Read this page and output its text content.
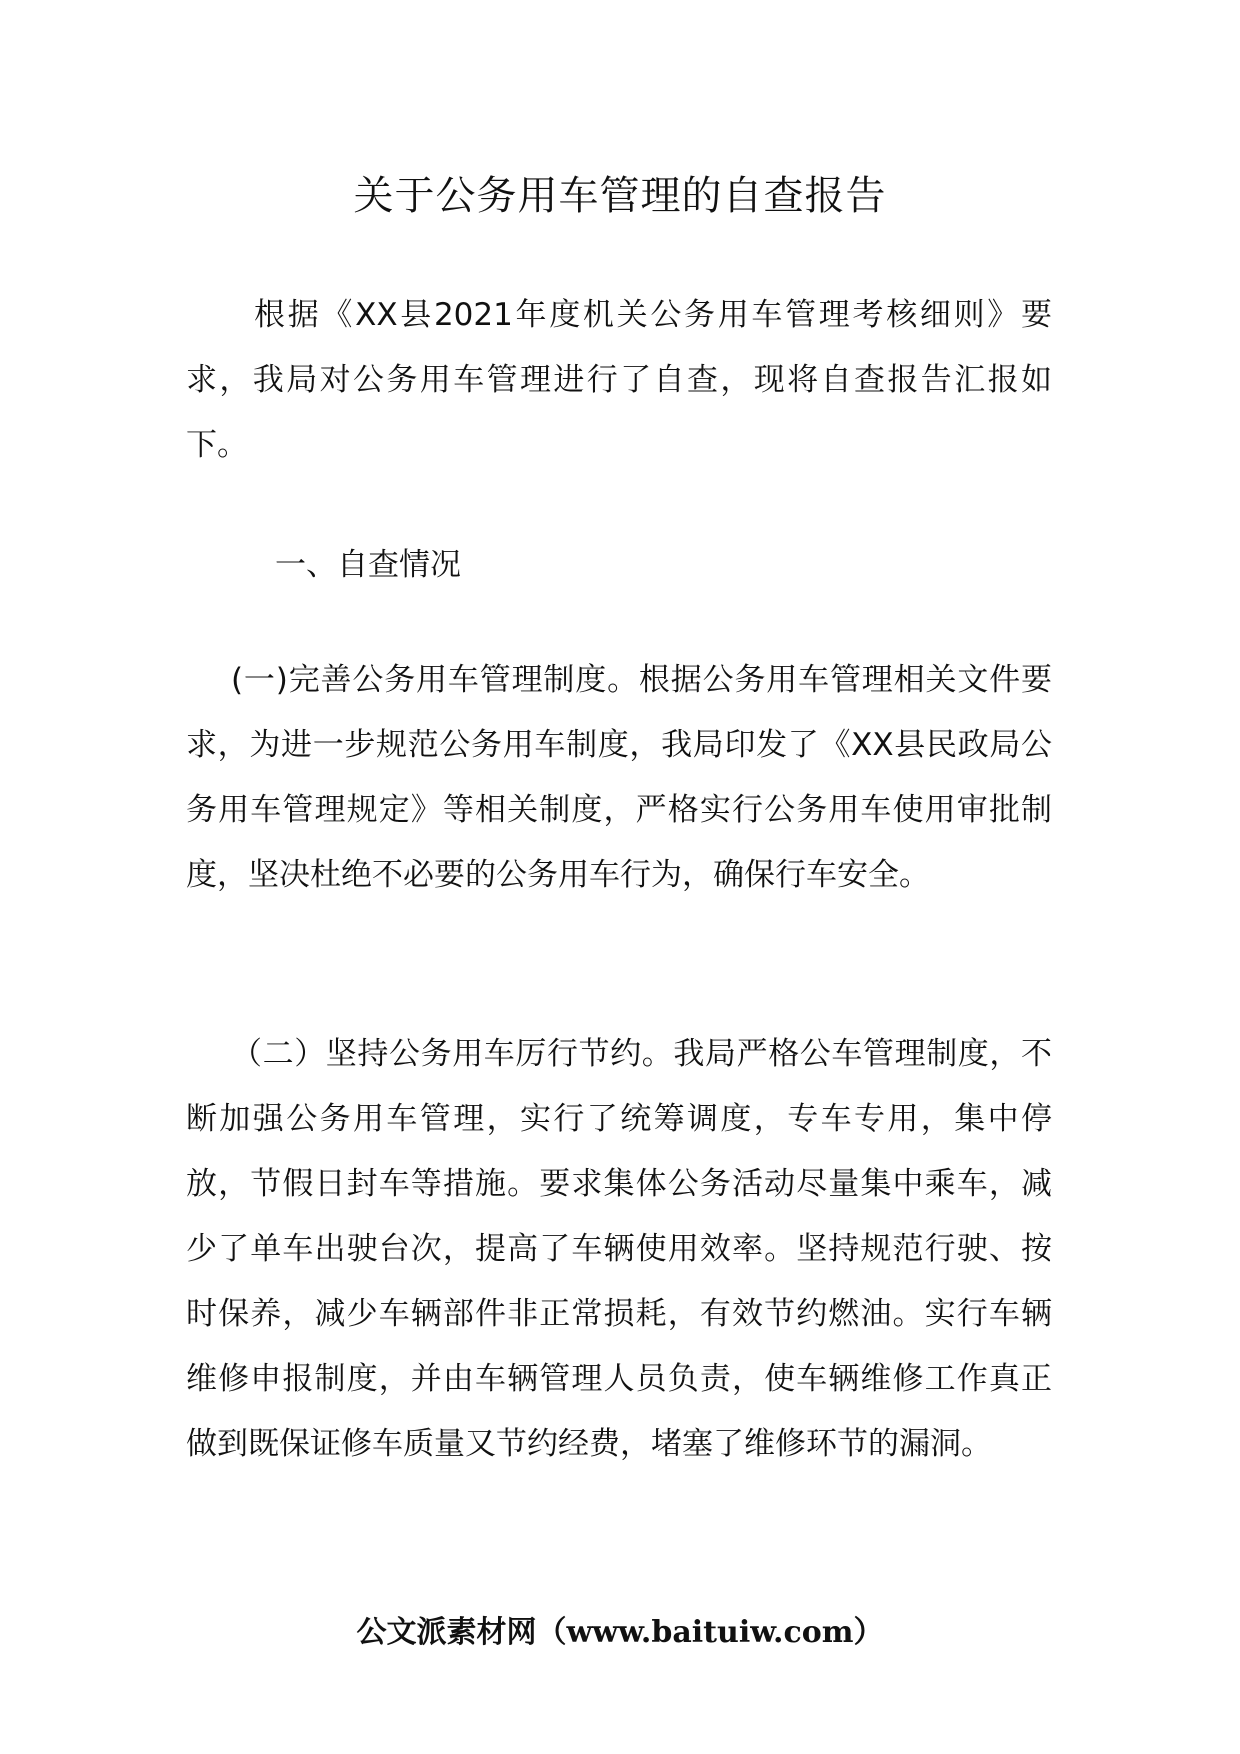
关于公务用车管理的自查报告

根据《XX县2021年度机关公务用车管理考核细则》要求，我局对公务用车管理进行了自查，现将自查报告汇报如下。

一、自查情况

(一)完善公务用车管理制度。根据公务用车管理相关文件要求，为进一步规范公务用车制度，我局印发了《XX县民政局公务用车管理规定》等相关制度，严格实行公务用车使用审批制度，坚决杜绝不必要的公务用车行为，确保行车安全。

（二）坚持公务用车厉行节约。我局严格公车管理制度，不断加强公务用车管理，实行了统筹调度，专车专用，集中停放，节假日封车等措施。要求集体公务活动尽量集中乘车，减少了单车出驶台次，提高了车辆使用效率。坚持规范行驶、按时保养，减少车辆部件非正常损耗，有效节约燃油。实行车辆维修申报制度，并由车辆管理人员负责，使车辆维修工作真正做到既保证修车质量又节约经费，堵塞了维修环节的漏洞。

公文派素材网（www.baituiw.com）
